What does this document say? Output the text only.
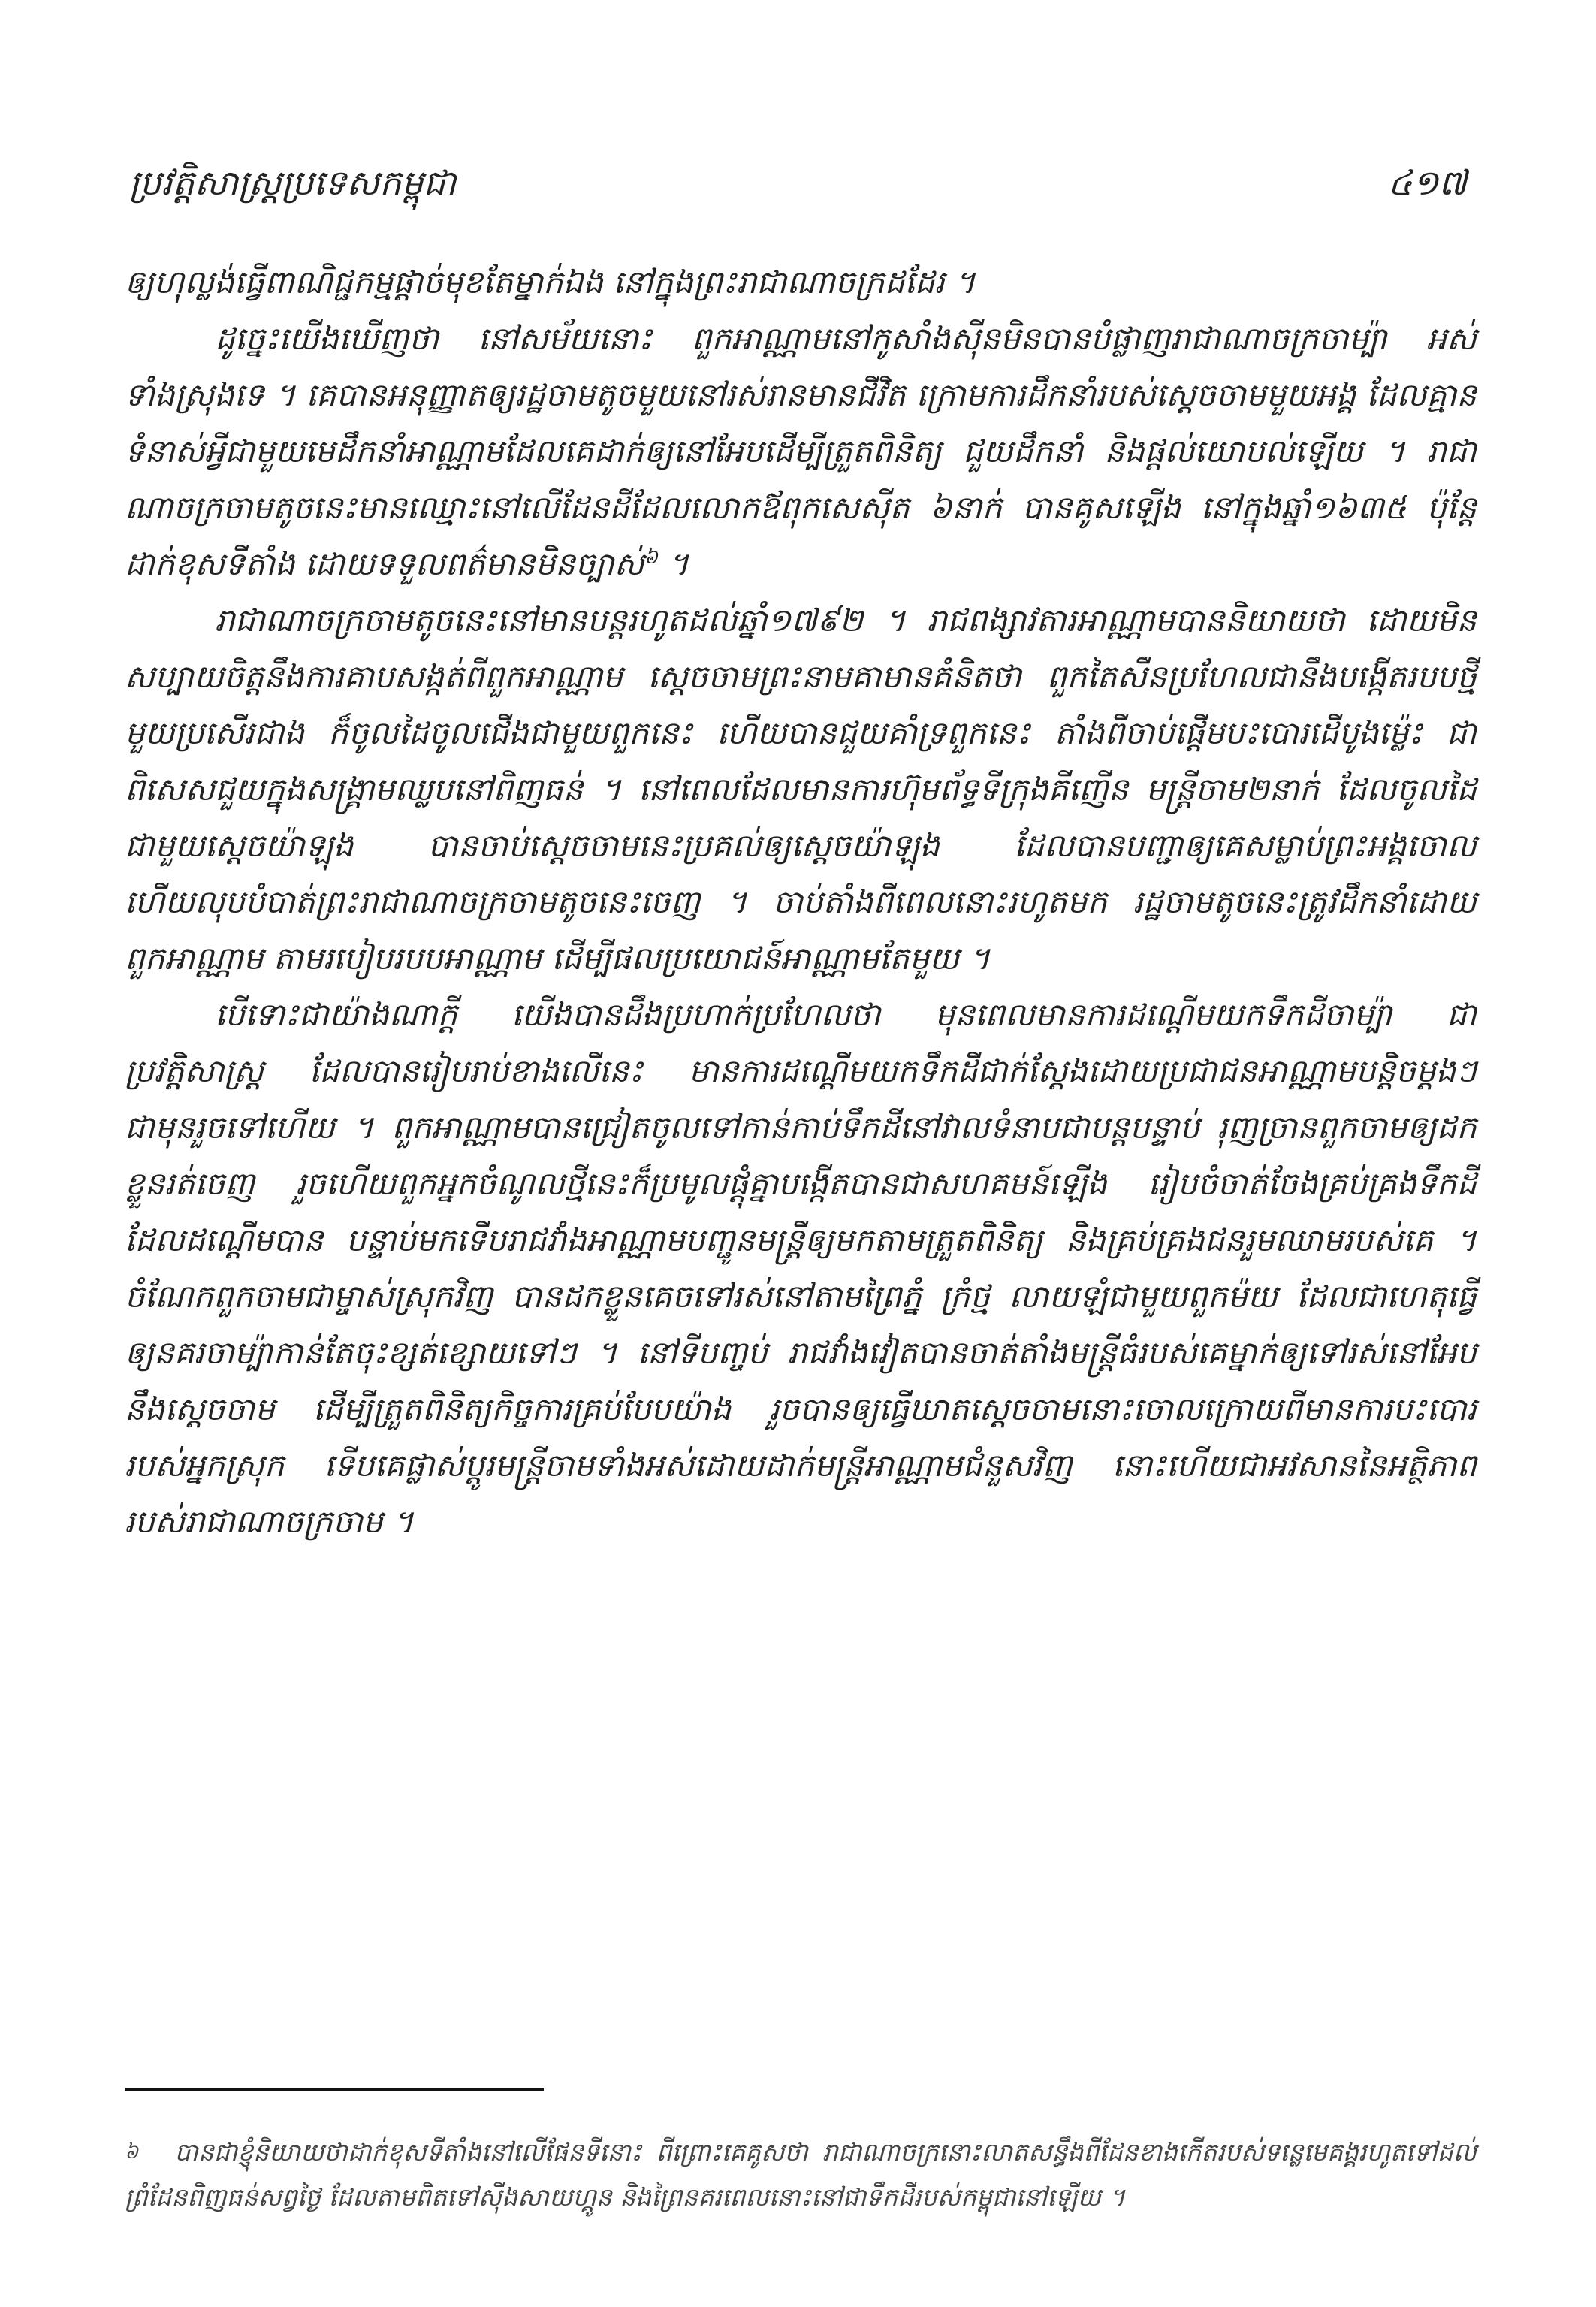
ប្រវត្តិសាស្ត្រប្រទេសកម្ពុជា	៤១៧

ឲ្យហុល្លង់ធ្វើពាណិជ្ជកម្មផ្តាច់មុខតែម្នាក់ឯង នៅក្នុងព្រះរាជាណាចក្រដដែរ ។

ដូច្នេះយើងឃើញថា នៅសម័យនោះ ពួកអាណ្ណាមនៅកូសាំងស៊ីនមិនបានបំផ្លាញរាជាណាចក្រចាម្ប៉ា អស់ទាំងស្រុងទេ ។ គេបានអនុញ្ញាតឲ្យរដ្ឋចាមតូចមួយនៅរស់រានមានជីវិត ក្រោមការដឹកនាំរបស់ស្តេចចាមមួយអង្គ ដែលគ្មានទំនាស់អ្វីជាមួយមេដឹកនាំអាណ្ណាមដែលគេដាក់ឲ្យនៅអែបដើម្បីត្រួតពិនិត្យ ជួយដឹកនាំ និងផ្តល់យោបល់ឡើយ ។ រាជាណាចក្រចាមតូចនេះមានឈ្មោះនៅលើដែនដីដែលលោកឪពុកសេស៊ីត ៦នាក់ បានគូសឡើង នៅក្នុងឆ្នាំ១៦៣៥ ប៉ុន្តែដាក់ខុសទីតាំង ដោយទទួលពត៌មានមិនច្បាស់$^៦$ ។

រាជាណាចក្រចាមតូចនេះនៅមានបន្តរហូតដល់ឆ្នាំ១៧៩២ ។ រាជពង្សាវតារអាណ្ណាមបាននិយាយថា ដោយមិនសប្បាយចិត្តនឹងការគាបសង្កត់ពីពួកអាណ្ណាម ស្តេចចាមព្រះនាមគាមានគំនិតថា ពួកតៃសឺនប្រហែលជានឹងបង្កើតរបបថ្មីមួយប្រសើរជាង ក៏ចូលដៃចូលជើងជាមួយពួកនេះ ហើយបានជួយគាំទ្រពួកនេះ តាំងពីចាប់ផ្តើមបះបោរដើបូងម៉្លេះ ជាពិសេសជួយក្នុងសង្គ្រាមឈ្លបនៅពិញធន់ ។ នៅពេលដែលមានការហ៊ុមព័ទ្ធទីក្រុងគីញើន មន្ត្រីចាម២នាក់ ដែលចូលដៃជាមួយស្តេចយ៉ាឡុង បានចាប់ស្តេចចាមនេះប្រគល់ឲ្យស្តេចយ៉ាឡុង ដែលបានបញ្ជាឲ្យគេសម្លាប់ព្រះអង្គចោល ហើយលុបបំបាត់ព្រះរាជាណាចក្រចាមតូចនេះចេញ ។ ចាប់តាំងពីពេលនោះរហូតមក រដ្ឋចាមតូចនេះត្រូវដឹកនាំដោយពួកអាណ្ណាម តាមរបៀបរបបអាណ្ណាម ដើម្បីផលប្រយោជន៍អាណ្ណាមតែមួយ ។

បើទោះជាយ៉ាងណាក្តី យើងបានដឹងប្រហាក់ប្រហែលថា មុនពេលមានការដណ្តើមយកទឹកដីចាម្ប៉ា ជាប្រវត្តិសាស្ត្រ ដែលបានរៀបរាប់ខាងលើនេះ មានការដណ្តើមយកទឹកដីជាក់ស្តែងដោយប្រជាជនអាណ្ណាមបន្តិចម្តងៗ ជាមុនរួចទៅហើយ ។ ពួកអាណ្ណាមបានជ្រៀតចូលទៅកាន់កាប់ទឹកដីនៅវាលទំនាបជាបន្តបន្ទាប់ រុញច្រានពួកចាមឲ្យដកខ្លួនរត់ចេញ រួចហើយពួកអ្នកចំណូលថ្មីនេះក៏ប្រមូលផ្តុំគ្នាបង្កើតបានជាសហគមន៍ឡើង រៀបចំចាត់ចែងគ្រប់គ្រងទឹកដីដែលដណ្តើមបាន បន្ទាប់មកទើបរាជវាំងអាណ្ណាមបញ្ជូនមន្ត្រីឲ្យមកតាមត្រួតពិនិត្យ និងគ្រប់គ្រងជនរួមឈាមរបស់គេ ។ ចំណែកពួកចាមជាម្ចាស់ស្រុកវិញ បានដកខ្លួនគេចទៅរស់នៅតាមព្រៃភ្នំ ក្រំថ្ម លាយឡំជាមួយពួកម៉យ ដែលជាហេតុធ្វើឲ្យនគរចាម្ប៉ាកាន់តែចុះខ្សត់ខ្សោយទៅៗ ។ នៅទីបញ្ចប់ រាជវាំងវៀតបានចាត់តាំងមន្ត្រីធំរបស់គេម្នាក់ឲ្យទៅរស់នៅអែបនឹងស្តេចចាម ដើម្បីត្រួតពិនិត្យកិច្ចការគ្រប់បែបយ៉ាង រួចបានឲ្យធ្វើឃាតស្តេចចាមនោះចោលក្រោយពីមានការបះបោររបស់អ្នកស្រុក ទើបគេផ្លាស់ប្តូរមន្ត្រីចាមទាំងអស់ដោយដាក់មន្ត្រីអាណ្ណាមជំនួសវិញ នោះហើយជាអវសាននៃអត្ថិភាពរបស់រាជាណាចក្រចាម ។

៦ បានជាខ្ញុំនិយាយថាដាក់ខុសទីតាំងនៅលើផែនទីនោះ ពីព្រោះគេគូសថា រាជាណាចក្រនោះលាតសន្ធឹងពីដែនខាងកើតរបស់ទន្លេមេគង្គរហូតទៅដល់ព្រំដែនពិញធន់សព្វថ្ងៃ ដែលតាមពិតទៅស៊ីងសាយហ្គូន និងព្រៃនគរពេលនោះនៅជាទឹកដីរបស់កម្ពុជានៅឡើយ ។
